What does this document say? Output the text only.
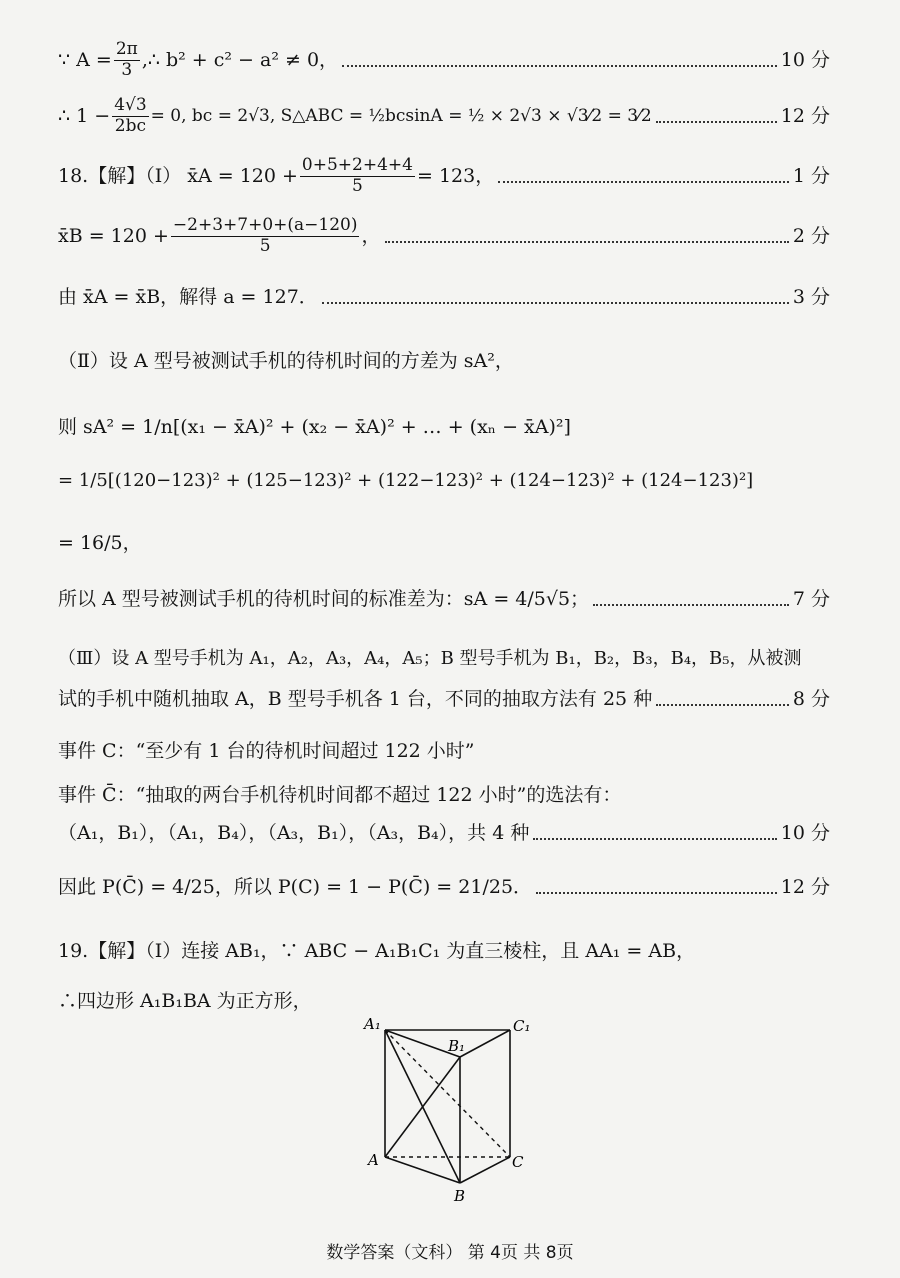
∵ $A = \frac{2\pi}{3}$ ,∴ b² + c² − a² ≠ 0，	10 分
∴ $1 - \frac{4√3}{2bc} = 0$, bc = 2√3, S△ABC = ½bcsinA = ½ × 2√3 × √3⁄2 = 3⁄2	12 分
18.【解】（Ⅰ） x̄A = $120 + \frac{0+5+2+4+4}{5} = 123$，	1 分
x̄B = $120 + \frac{-2+3+7+0+(a-120)}{5}$ ，	2 分
由 x̄A = x̄B，解得 a = 127．	3 分
（Ⅱ）设 A 型号被测试手机的待机时间的方差为 sA²，
则 sA² = 1/n[(x₁ − x̄A)² + (x₂ − x̄A)² + … + (xₙ − x̄A)²]
= 1/5[(120−123)² + (125−123)² + (122−123)² + (124−123)² + (124−123)²]
= 16/5，
所以 A 型号被测试手机的待机时间的标准差为：sA = 4/5√5；	7 分
（Ⅲ）设 A 型号手机为 A₁，A₂，A₃，A₄，A₅；B 型号手机为 B₁，B₂，B₃，B₄，B₅，从被测
试的手机中随机抽取 A，B 型号手机各 1 台，不同的抽取方法有 25 种	8 分
事件 C：“至少有 1 台的待机时间超过 122 小时”
事件 C̄：“抽取的两台手机待机时间都不超过 122 小时”的选法有：
（A₁，B₁），（A₁，B₄），（A₃，B₁），（A₃，B₄），共 4 种	10 分
因此 P(C̄) = 4/25，所以 P(C) = 1 − P(C̄) = 21/25．	12 分
19.【解】（Ⅰ）连接 AB₁，∵ ABC − A₁B₁C₁ 为直三棱柱，且 AA₁ = AB，
∴四边形 A₁B₁BA 为正方形，
A₁
B₁
C₁
A	C
B
数学答案（文科） 第 4页 共 8页
